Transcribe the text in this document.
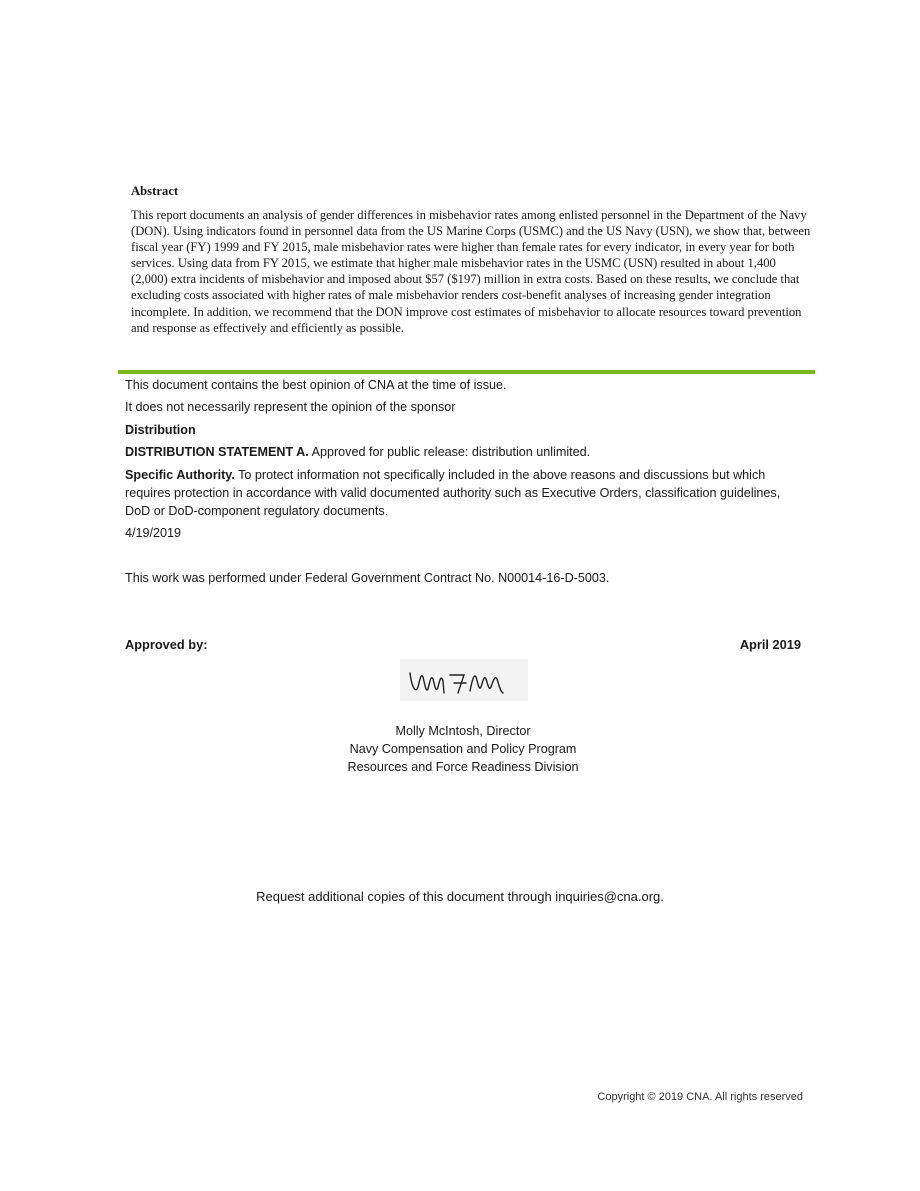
Abstract

This report documents an analysis of gender differences in misbehavior rates among enlisted personnel in the Department of the Navy (DON). Using indicators found in personnel data from the US Marine Corps (USMC) and the US Navy (USN), we show that, between fiscal year (FY) 1999 and FY 2015, male misbehavior rates were higher than female rates for every indicator, in every year for both services. Using data from FY 2015, we estimate that higher male misbehavior rates in the USMC (USN) resulted in about 1,400 (2,000) extra incidents of misbehavior and imposed about $57 ($197) million in extra costs. Based on these results, we conclude that excluding costs associated with higher rates of male misbehavior renders cost-benefit analyses of increasing gender integration incomplete. In addition, we recommend that the DON improve cost estimates of misbehavior to allocate resources toward prevention and response as effectively and efficiently as possible.

This document contains the best opinion of CNA at the time of issue.

It does not necessarily represent the opinion of the sponsor

Distribution

DISTRIBUTION STATEMENT A. Approved for public release: distribution unlimited.

Specific Authority. To protect information not specifically included in the above reasons and discussions but which requires protection in accordance with valid documented authority such as Executive Orders, classification guidelines, DoD or DoD-component regulatory documents.

4/19/2019

This work was performed under Federal Government Contract No. N00014-16-D-5003.

Approved by:	April 2019
Molly McIntosh, Director
Navy Compensation and Policy Program
Resources and Force Readiness Division
Request additional copies of this document through inquiries@cna.org.
Copyright © 2019 CNA. All rights reserved
